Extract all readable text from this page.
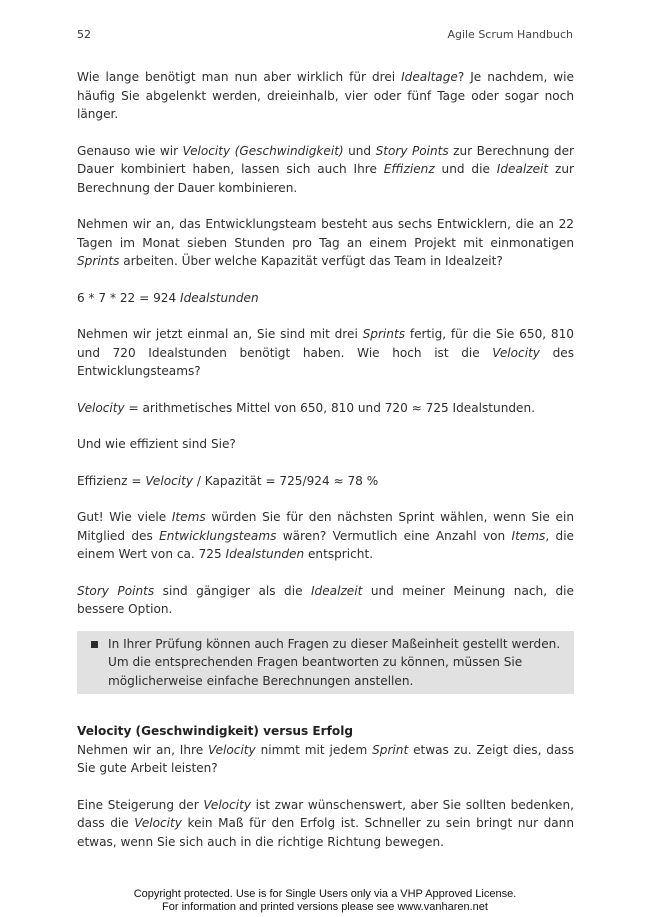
52	Agile Scrum Handbuch

Wie lange benötigt man nun aber wirklich für drei Idealtage? Je nachdem, wie häufig Sie abgelenkt werden, dreieinhalb, vier oder fünf Tage oder sogar noch länger.

Genauso wie wir Velocity (Geschwindigkeit) und Story Points zur Berechnung der Dauer kombiniert haben, lassen sich auch Ihre Effizienz und die Idealzeit zur Berechnung der Dauer kombinieren.

Nehmen wir an, das Entwicklungsteam besteht aus sechs Entwicklern, die an 22 Tagen im Monat sieben Stunden pro Tag an einem Projekt mit einmonatigen Sprints arbeiten. Über welche Kapazität verfügt das Team in Idealzeit?

6 * 7 * 22 = 924 Idealstunden

Nehmen wir jetzt einmal an, Sie sind mit drei Sprints fertig, für die Sie 650, 810 und 720 Idealstunden benötigt haben. Wie hoch ist die Velocity des Entwicklungsteams?

Velocity = arithmetisches Mittel von 650, 810 und 720 ≈ 725 Idealstunden.

Und wie effizient sind Sie?

Effizienz = Velocity / Kapazität = 725/924 ≈ 78 %

Gut! Wie viele Items würden Sie für den nächsten Sprint wählen, wenn Sie ein Mitglied des Entwicklungsteams wären? Vermutlich eine Anzahl von Items, die einem Wert von ca. 725 Idealstunden entspricht.

Story Points sind gängiger als die Idealzeit und meiner Meinung nach, die bessere Option.

In Ihrer Prüfung können auch Fragen zu dieser Maßeinheit gestellt werden. Um die entsprechenden Fragen beantworten zu können, müssen Sie möglicherweise einfache Berechnungen anstellen.
Velocity (Geschwindigkeit) versus Erfolg

Nehmen wir an, Ihre Velocity nimmt mit jedem Sprint etwas zu. Zeigt dies, dass Sie gute Arbeit leisten?

Eine Steigerung der Velocity ist zwar wünschenswert, aber Sie sollten bedenken, dass die Velocity kein Maß für den Erfolg ist. Schneller zu sein bringt nur dann etwas, wenn Sie sich auch in die richtige Richtung bewegen.

Copyright protected. Use is for Single Users only via a VHP Approved License.
For information and printed versions please see www.vanharen.net
